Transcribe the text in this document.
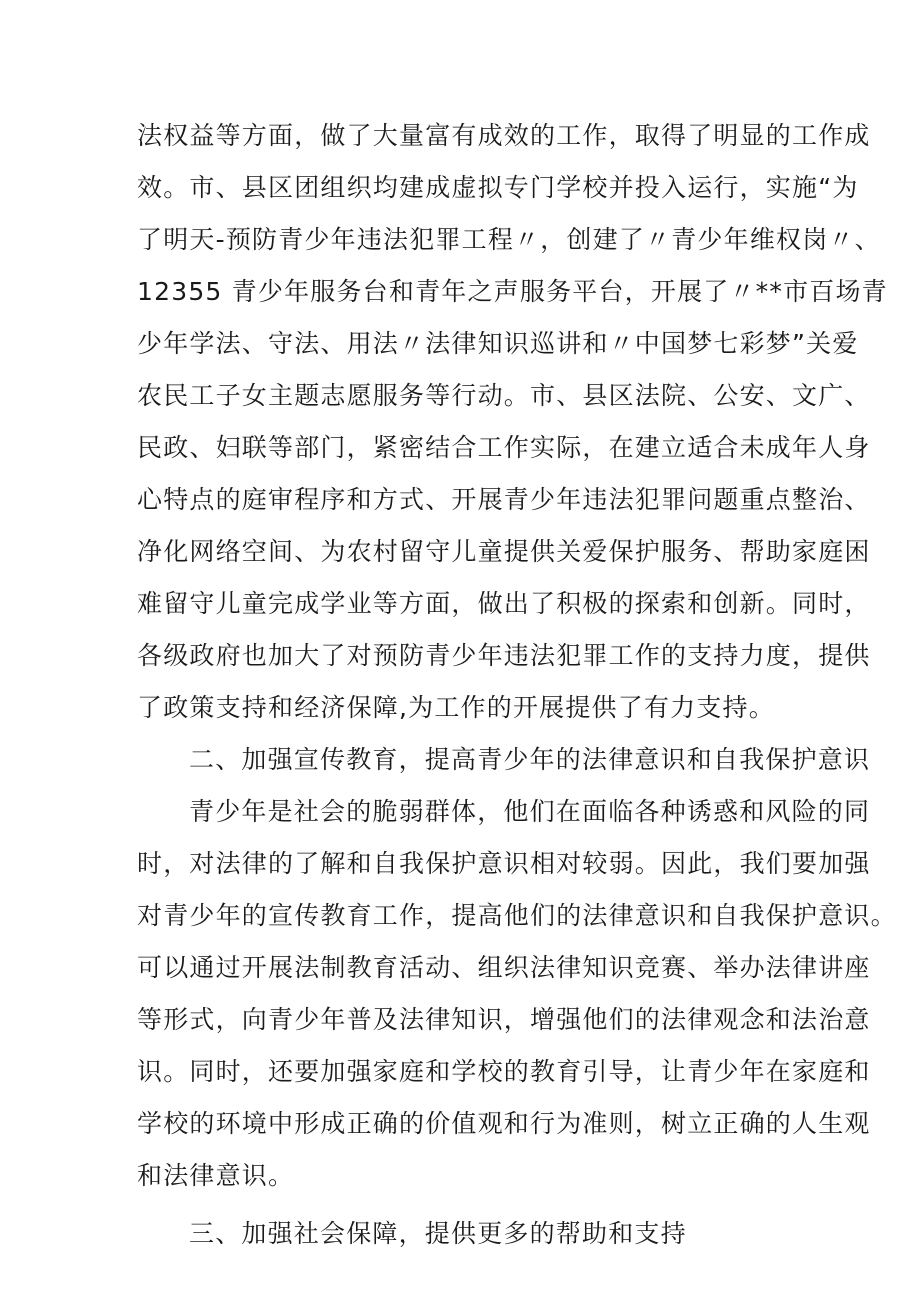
法权益等方面，做了大量富有成效的工作，取得了明显的工作成
效。市、县区团组织均建成虚拟专门学校并投入运行，实施“为
了明天-预防青少年违法犯罪工程〃，创建了〃青少年维权岗〃、
12355 青少年服务台和青年之声服务平台，开展了〃**市百场青
少年学法、守法、用法〃法律知识巡讲和〃中国梦七彩梦”关爱
农民工子女主题志愿服务等行动。市、县区法院、公安、文广、
民政、妇联等部门，紧密结合工作实际，在建立适合未成年人身
心特点的庭审程序和方式、开展青少年违法犯罪问题重点整治、
净化网络空间、为农村留守儿童提供关爱保护服务、帮助家庭困
难留守儿童完成学业等方面，做出了积极的探索和创新。同时，
各级政府也加大了对预防青少年违法犯罪工作的支持力度，提供
了政策支持和经济保障,为工作的开展提供了有力支持。
二、加强宣传教育，提高青少年的法律意识和自我保护意识
青少年是社会的脆弱群体，他们在面临各种诱惑和风险的同
时，对法律的了解和自我保护意识相对较弱。因此，我们要加强
对青少年的宣传教育工作，提高他们的法律意识和自我保护意识。
可以通过开展法制教育活动、组织法律知识竞赛、举办法律讲座
等形式，向青少年普及法律知识，增强他们的法律观念和法治意
识。同时，还要加强家庭和学校的教育引导，让青少年在家庭和
学校的环境中形成正确的价值观和行为准则，树立正确的人生观
和法律意识。
三、加强社会保障，提供更多的帮助和支持
